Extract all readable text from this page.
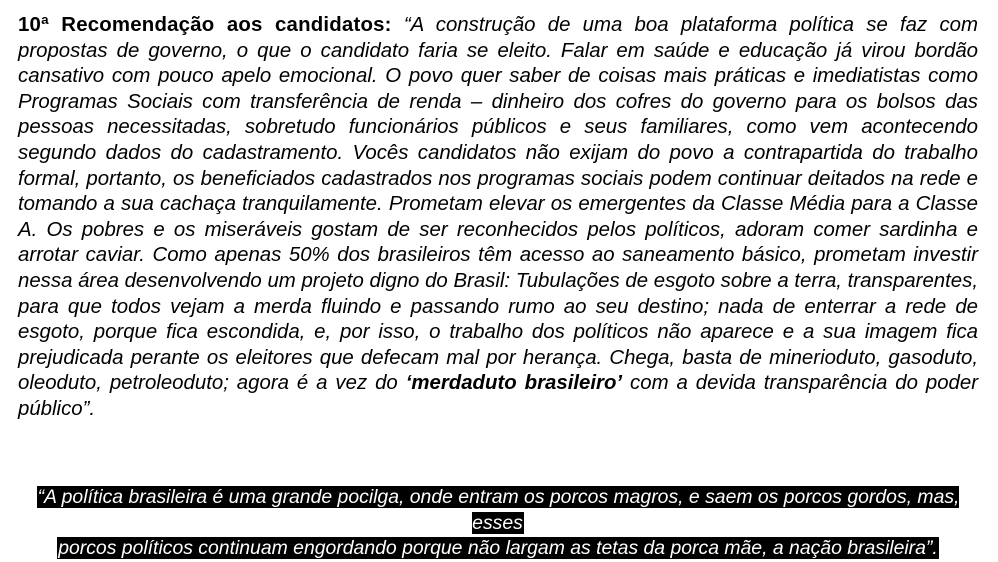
10ª Recomendação aos candidatos: “A construção de uma boa plataforma política se faz com propostas de governo, o que o candidato faria se eleito. Falar em saúde e educação já virou bordão cansativo com pouco apelo emocional. O povo quer saber de coisas mais práticas e imediatistas como Programas Sociais com transferência de renda – dinheiro dos cofres do governo para os bolsos das pessoas necessitadas, sobretudo funcionários públicos e seus familiares, como vem acontecendo segundo dados do cadastramento. Vocês candidatos não exijam do povo a contrapartida do trabalho formal, portanto, os beneficiados cadastrados nos programas sociais podem continuar deitados na rede e tomando a sua cachaça tranquilamente. Prometam elevar os emergentes da Classe Média para a Classe A. Os pobres e os miseráveis gostam de ser reconhecidos pelos políticos, adoram comer sardinha e arrotar caviar. Como apenas 50% dos brasileiros têm acesso ao saneamento básico, prometam investir nessa área desenvolvendo um projeto digno do Brasil: Tubulações de esgoto sobre a terra, transparentes, para que todos vejam a merda fluindo e passando rumo ao seu destino; nada de enterrar a rede de esgoto, porque fica escondida, e, por isso, o trabalho dos políticos não aparece e a sua imagem fica prejudicada perante os eleitores que defecam mal por herança. Chega, basta de minerioduto, gasoduto, oleoduto, petroleoduto; agora é a vez do ‘merdaduto brasileiro’ com a devida transparência do poder público”.

“A política brasileira é uma grande pocilga, onde entram os porcos magros, e saem os porcos gordos, mas, esses
porcos políticos continuam engordando porque não largam as tetas da porca mãe, a nação brasileira”.
